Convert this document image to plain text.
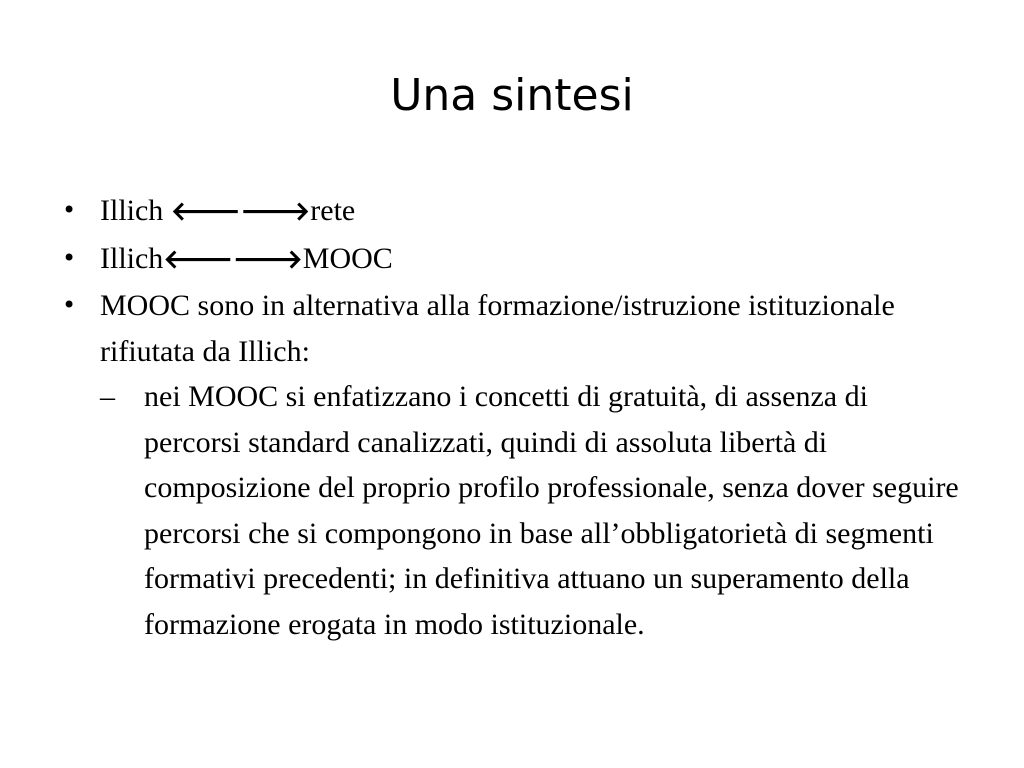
Una sintesi
• Illich 🡐🡒rete
• Illich🡐🡒MOOC
• MOOC sono in alternativa alla formazione/istruzione istituzionale rifiutata da Illich:
– nei MOOC si enfatizzano i concetti di gratuità, di assenza di percorsi standard canalizzati, quindi di assoluta libertà di composizione del proprio profilo professionale, senza dover seguire percorsi che si compongono in base all’obbligatorietà di segmenti formativi precedenti; in definitiva attuano un superamento della formazione erogata in modo istituzionale.
